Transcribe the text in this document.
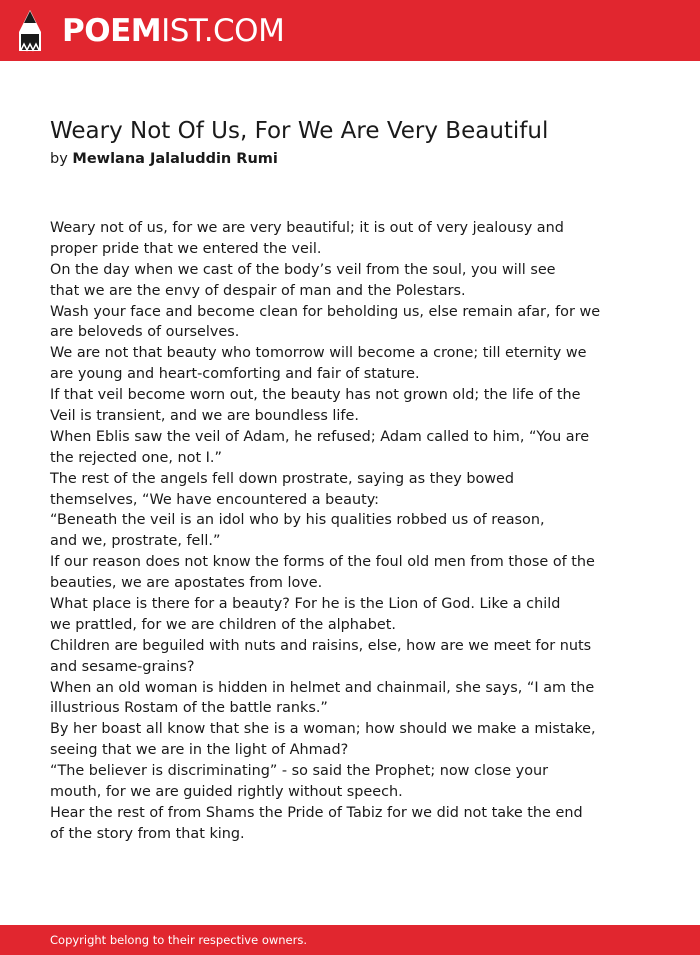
POEMIST.COM
Weary Not Of Us, For We Are Very Beautiful
by Mewlana Jalaluddin Rumi
Weary not of us, for we are very beautiful; it is out of very jealousy and
proper pride that we entered the veil.
On the day when we cast of the body’s veil from the soul, you will see
that we are the envy of despair of man and the Polestars.
Wash your face and become clean for beholding us, else remain afar, for we
are beloveds of ourselves.
We are not that beauty who tomorrow will become a crone; till eternity we
are young and heart-comforting and fair of stature.
If that veil become worn out, the beauty has not grown old; the life of the
Veil is transient, and we are boundless life.
When Eblis saw the veil of Adam, he refused; Adam called to him, “You are
the rejected one, not I.”
The rest of the angels fell down prostrate, saying as they bowed
themselves, “We have encountered a beauty:
“Beneath the veil is an idol who by his qualities robbed us of reason,
and we, prostrate, fell.”
If our reason does not know the forms of the foul old men from those of the
beauties, we are apostates from love.
What place is there for a beauty? For he is the Lion of God. Like a child
we prattled, for we are children of the alphabet.
Children are beguiled with nuts and raisins, else, how are we meet for nuts
and sesame-grains?
When an old woman is hidden in helmet and chainmail, she says, “I am the
illustrious Rostam of the battle ranks.”
By her boast all know that she is a woman; how should we make a mistake,
seeing that we are in the light of Ahmad?
“The believer is discriminating” - so said the Prophet; now close your
mouth, for we are guided rightly without speech.
Hear the rest of from Shams the Pride of Tabiz for we did not take the end
of the story from that king.
Copyright belong to their respective owners.
